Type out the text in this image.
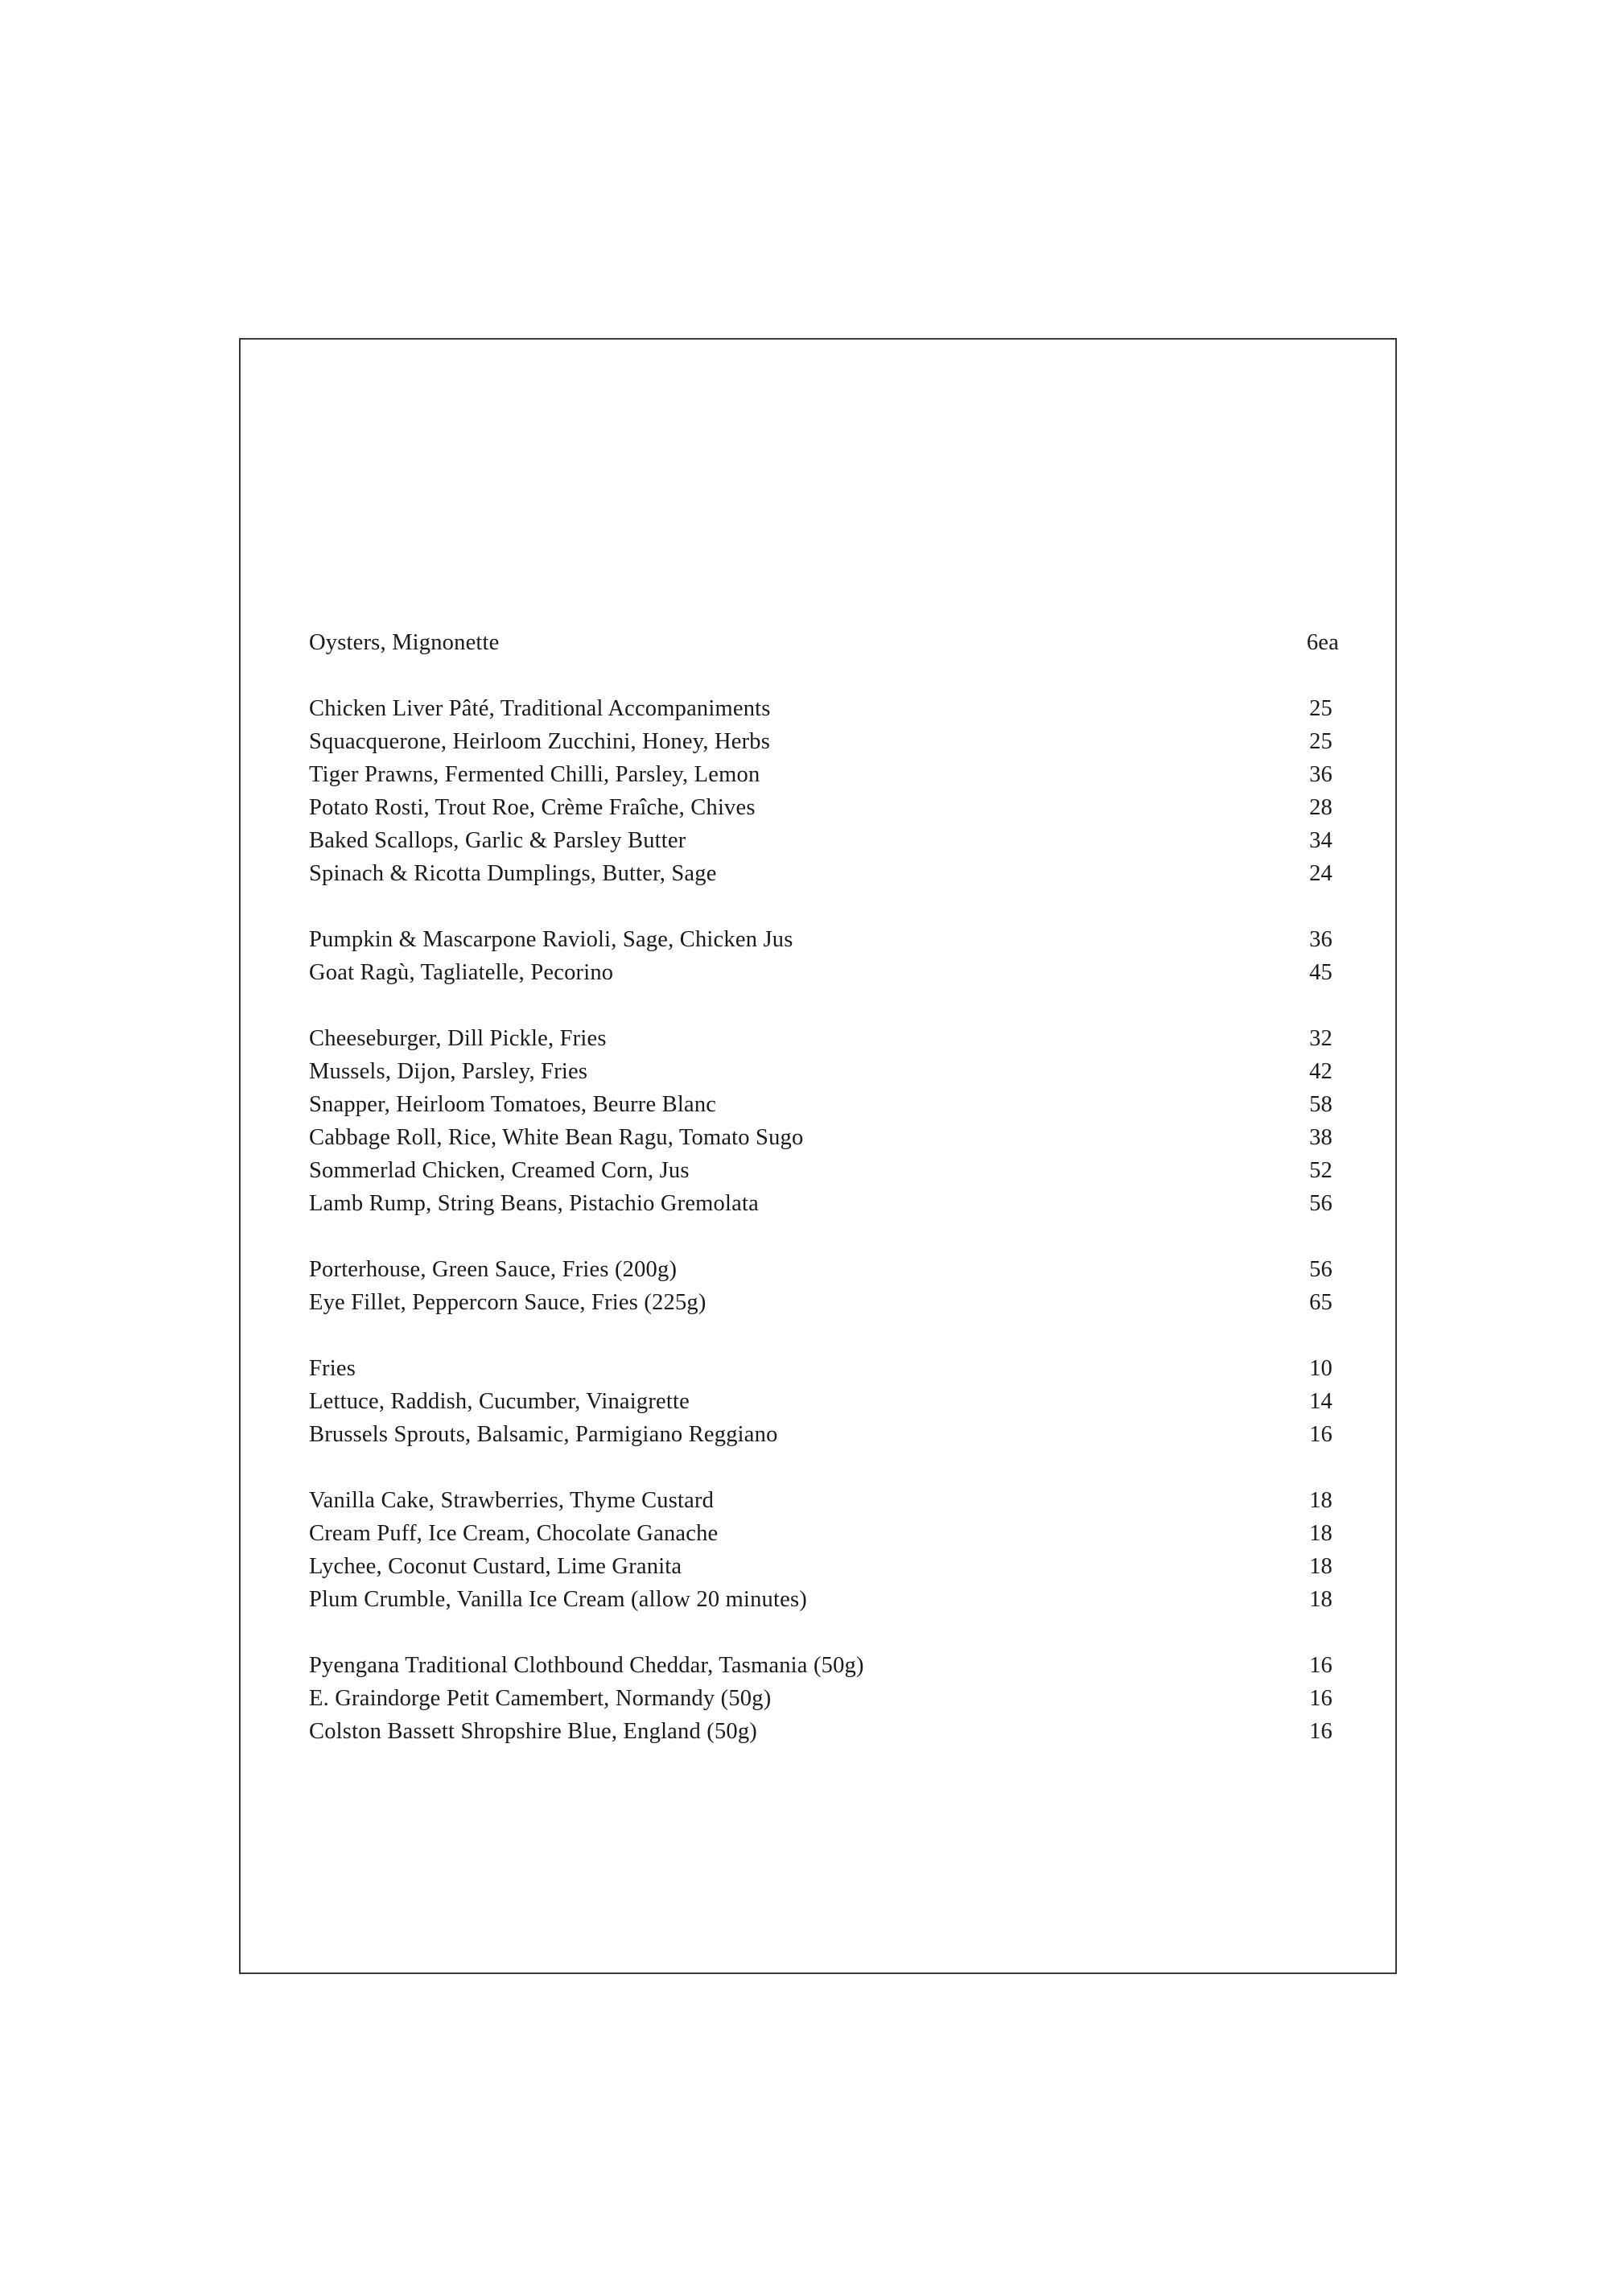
Oysters, Mignonette	6ea
Chicken Liver Pâté, Traditional Accompaniments	25
Squacquerone, Heirloom Zucchini, Honey, Herbs	25
Tiger Prawns, Fermented Chilli, Parsley, Lemon	36
Potato Rosti, Trout Roe, Crème Fraîche, Chives	28
Baked Scallops, Garlic & Parsley Butter	34
Spinach & Ricotta Dumplings, Butter, Sage	24
Pumpkin & Mascarpone Ravioli, Sage, Chicken Jus	36
Goat Ragù, Tagliatelle, Pecorino	45
Cheeseburger, Dill Pickle, Fries	32
Mussels, Dijon, Parsley, Fries	42
Snapper, Heirloom Tomatoes, Beurre Blanc	58
Cabbage Roll, Rice, White Bean Ragu, Tomato Sugo	38
Sommerlad Chicken, Creamed Corn, Jus	52
Lamb Rump, String Beans, Pistachio Gremolata	56
Porterhouse, Green Sauce, Fries (200g)	56
Eye Fillet, Peppercorn Sauce, Fries (225g)	65
Fries	10
Lettuce, Raddish, Cucumber, Vinaigrette	14
Brussels Sprouts, Balsamic, Parmigiano Reggiano	16
Vanilla Cake, Strawberries, Thyme Custard	18
Cream Puff, Ice Cream, Chocolate Ganache	18
Lychee, Coconut Custard, Lime Granita	18
Plum Crumble, Vanilla Ice Cream (allow 20 minutes)	18
Pyengana Traditional Clothbound Cheddar, Tasmania (50g)	16
E. Graindorge Petit Camembert, Normandy (50g)	16
Colston Bassett Shropshire Blue, England (50g)	16
